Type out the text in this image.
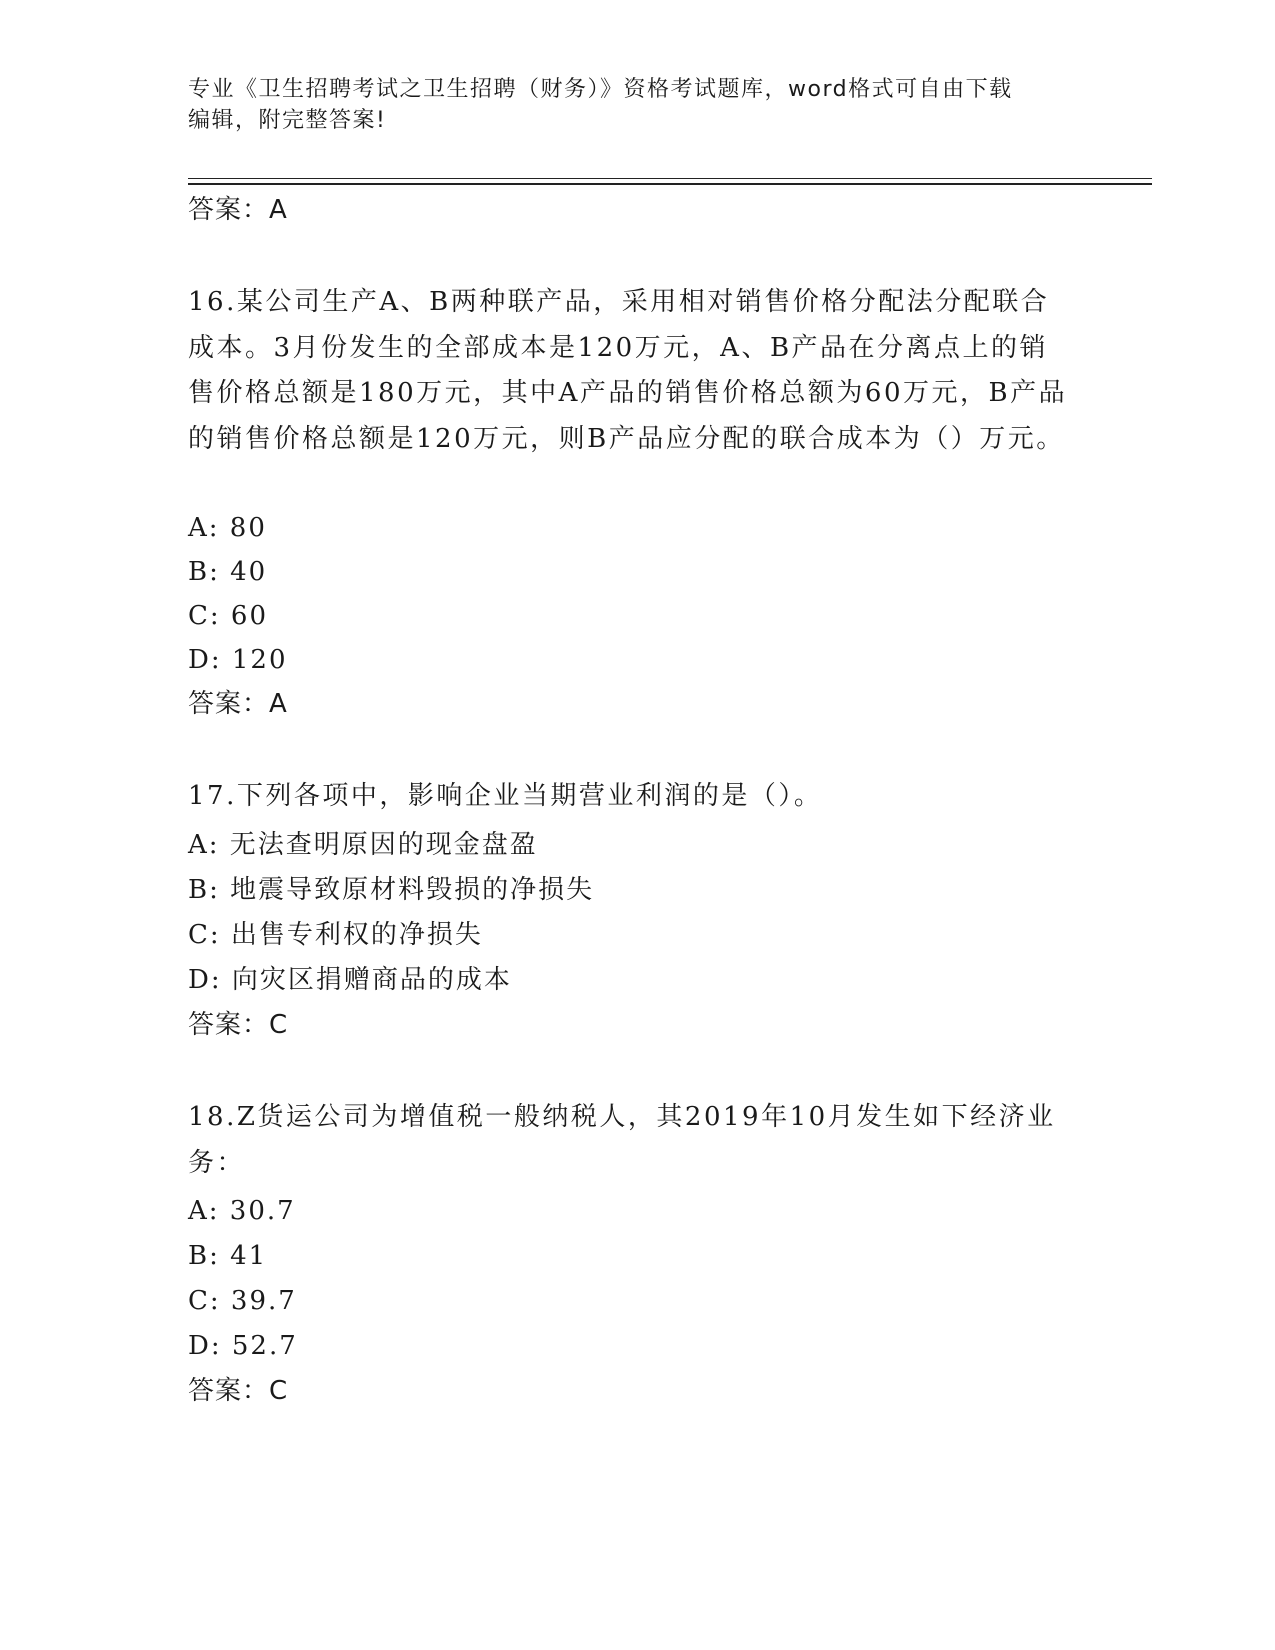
专业《卫生招聘考试之卫生招聘（财务）》资格考试题库，word格式可自由下载
编辑，附完整答案!
答案：A
16.某公司生产A、B两种联产品，采用相对销售价格分配法分配联合成本。3月份发生的全部成本是120万元，A、B产品在分离点上的销售价格总额是180万元，其中A产品的销售价格总额为60万元，B产品的销售价格总额是120万元，则B产品应分配的联合成本为（）万元。
A: 80
B: 40
C: 60
D: 120
答案：A
17.下列各项中，影响企业当期营业利润的是（）。
A: 无法查明原因的现金盘盈
B: 地震导致原材料毁损的净损失
C: 出售专利权的净损失
D: 向灾区捐赠商品的成本
答案：C
18.Z货运公司为增值税一般纳税人，其2019年10月发生如下经济业务：
A: 30.7
B: 41
C: 39.7
D: 52.7
答案：C
